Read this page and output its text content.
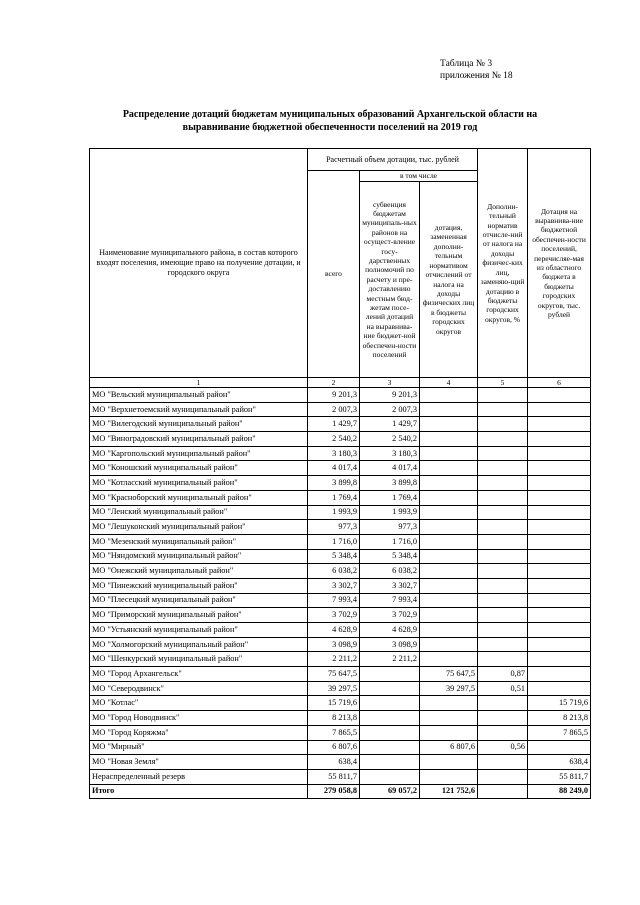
Таблица № 3
приложения № 18
Распределение дотаций бюджетам муниципальных образований Архангельской области на
выравнивание бюджетной обеспеченности поселений на 2019 год
Наименование муниципального района, в состав которого входят поселения, имеющие право на получение дотации, и городского округа	Расчетный объем дотации, тыс. рублей			Дополни-тельный норматив отчисле-ний от налога на доходы физичес-ких лиц, заменяю-щий дотацию в бюджеты городских округов, %	Дотация на выравнива-ние бюджетной обеспечен-ности поселений, перечисляе-мая из областного бюджета в бюджеты городских округов, тыс. рублей
	всего	в том числе			
		субвенция бюджетам муниципаль-ных районов на осущест-вление госу-дарственных полномочий по расчету и пре-доставлению местным бюд-жетам посе-лений дотаций на выравнива-ние бюджет-ной обеспечен-ности поселений	дотация, замененная дополни-тельным нормативом отчислений от налога на доходы физических лиц в бюджеты городских округов		
1	2	3	4	5	6
МО "Вельский муниципальный район"	9 201,3	9 201,3			
МО "Верхнетоемский муниципальный район"	2 007,3	2 007,3			
МО "Вилегодский муниципальный район"	1 429,7	1 429,7			
МО "Виноградовский муниципальный район"	2 540,2	2 540,2			
МО "Каргопольский муниципальный район"	3 180,3	3 180,3			
МО "Коношский муниципальный район"	4 017,4	4 017,4			
МО "Котласский муниципальный район"	3 899,8	3 899,8			
МО "Красноборский муниципальный район"	1 769,4	1 769,4			
МО "Ленский муниципальный район"	1 993,9	1 993,9			
МО "Лешуконский муниципальный район"	977,3	977,3			
МО "Мезенский муниципальный район"	1 716,0	1 716,0			
МО "Няндомский муниципальный район"	5 348,4	5 348,4			
МО "Онежский муниципальный район"	6 038,2	6 038,2			
МО "Пинежский муниципальный район"	3 302,7	3 302,7			
МО "Плесецкий муниципальный район"	7 993,4	7 993,4			
МО "Приморский муниципальный район"	3 702,9	3 702,9			
МО "Устьянский муниципальный район"	4 628,9	4 628,9			
МО "Холмогорский муниципальный район"	3 098,9	3 098,9			
МО "Шенкурский муниципальный район"	2 211,2	2 211,2			
МО "Город Архангельск"	75 647,5		75 647,5	0,87	
МО "Северодвинск"	39 297,5		39 297,5	0,51	
МО "Котлас"	15 719,6				15 719,6
МО "Город Новодвинск"	8 213,8				8 213,8
МО "Город Коряжма"	7 865,5				7 865,5
МО "Мирный"	6 807,6		6 807,6	0,56	
МО "Новая Земля"	638,4				638,4
Нераспределенный резерв	55 811,7				55 811,7
Итого	279 058,8	69 057,2	121 752,6		88 249,0
